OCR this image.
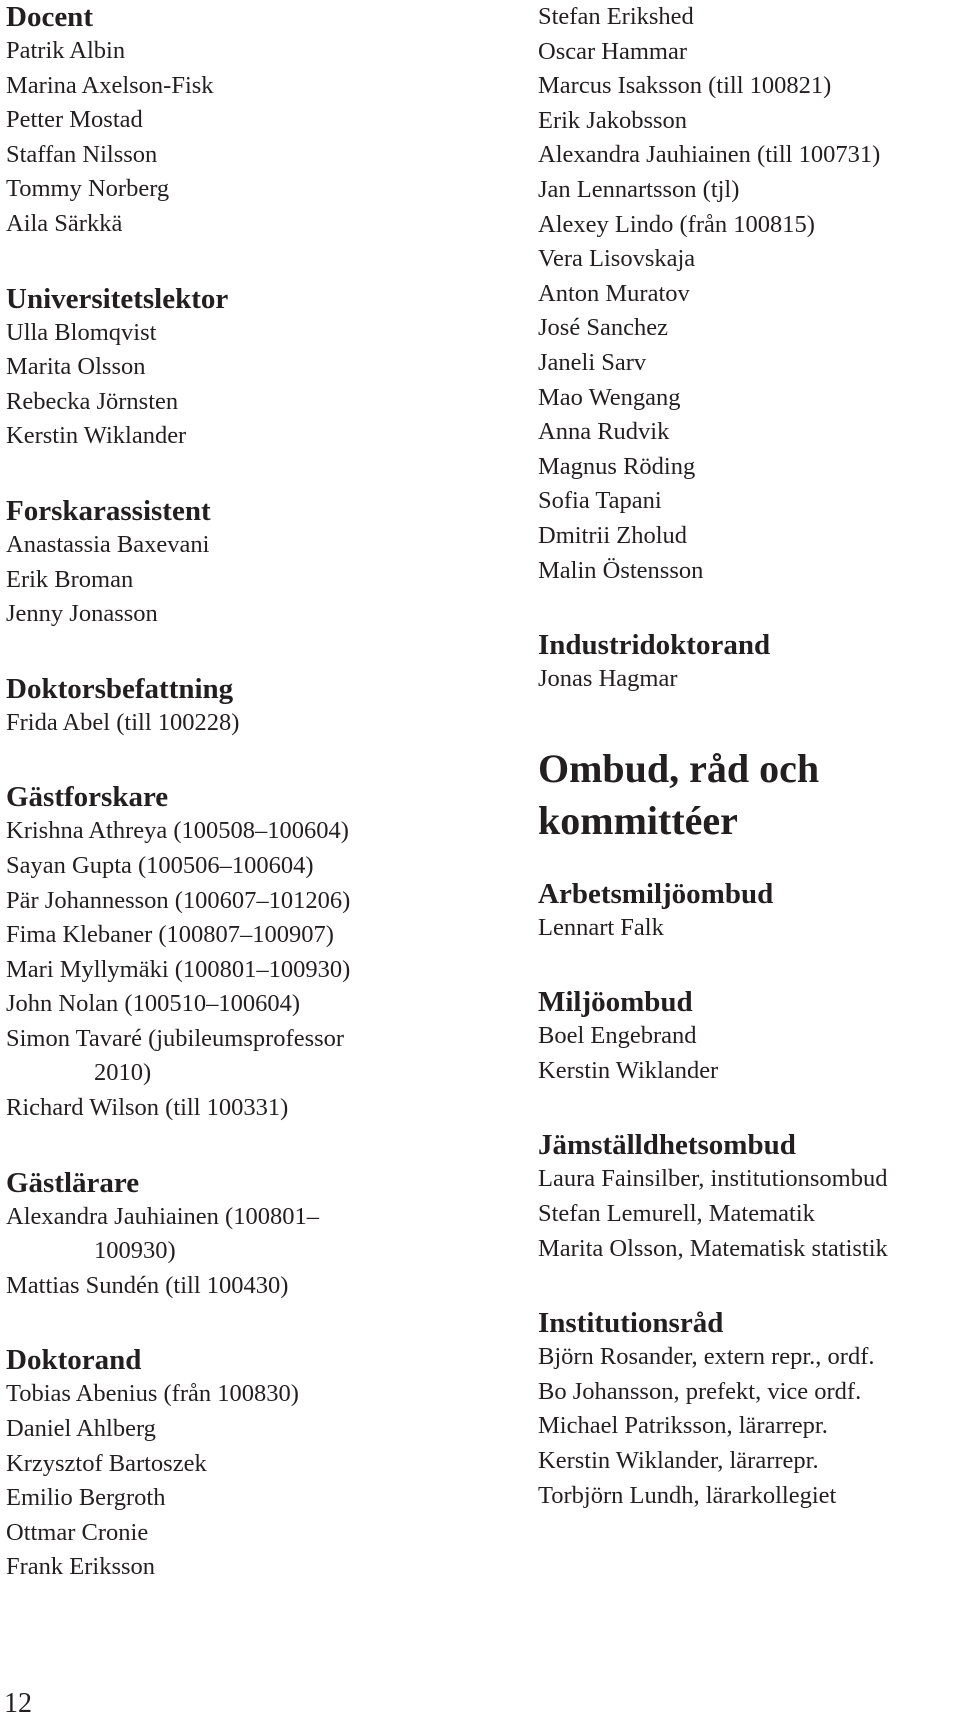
Docent
Patrik Albin
Marina Axelson-Fisk
Petter Mostad
Staffan Nilsson
Tommy Norberg
Aila Särkkä
Universitetslektor
Ulla Blomqvist
Marita Olsson
Rebecka Jörnsten
Kerstin Wiklander
Forskarassistent
Anastassia Baxevani
Erik Broman
Jenny Jonasson
Doktorsbefattning
Frida Abel (till 100228)
Gästforskare
Krishna Athreya (100508–100604)
Sayan Gupta (100506–100604)
Pär Johannesson (100607–101206)
Fima Klebaner (100807–100907)
Mari Myllymäki (100801–100930)
John Nolan (100510–100604)
Simon Tavaré (jubileumsprofessor
2010)
Richard Wilson (till 100331)
Gästlärare
Alexandra Jauhiainen (100801–
100930)
Mattias Sundén (till 100430)
Doktorand
Tobias Abenius (från 100830)
Daniel Ahlberg
Krzysztof Bartoszek
Emilio Bergroth
Ottmar Cronie
Frank Eriksson
Stefan Erikshed
Oscar Hammar
Marcus Isaksson (till 100821)
Erik Jakobsson
Alexandra Jauhiainen (till 100731)
Jan Lennartsson (tjl)
Alexey Lindo (från 100815)
Vera Lisovskaja
Anton Muratov
José Sanchez
Janeli Sarv
Mao Wengang
Anna Rudvik
Magnus Röding
Sofia Tapani
Dmitrii Zholud
Malin Östensson
Industridoktorand
Jonas Hagmar
Ombud, råd och kommittéer
Arbetsmiljöombud
Lennart Falk
Miljöombud
Boel Engebrand
Kerstin Wiklander
Jämställdhetsombud
Laura Fainsilber, institutionsombud
Stefan Lemurell, Matematik
Marita Olsson, Matematisk statistik
Institutionsråd
Björn Rosander, extern repr., ordf.
Bo Johansson, prefekt, vice ordf.
Michael Patriksson, lärarrepr.
Kerstin Wiklander, lärarrepr.
Torbjörn Lundh, lärarkollegiet
12
